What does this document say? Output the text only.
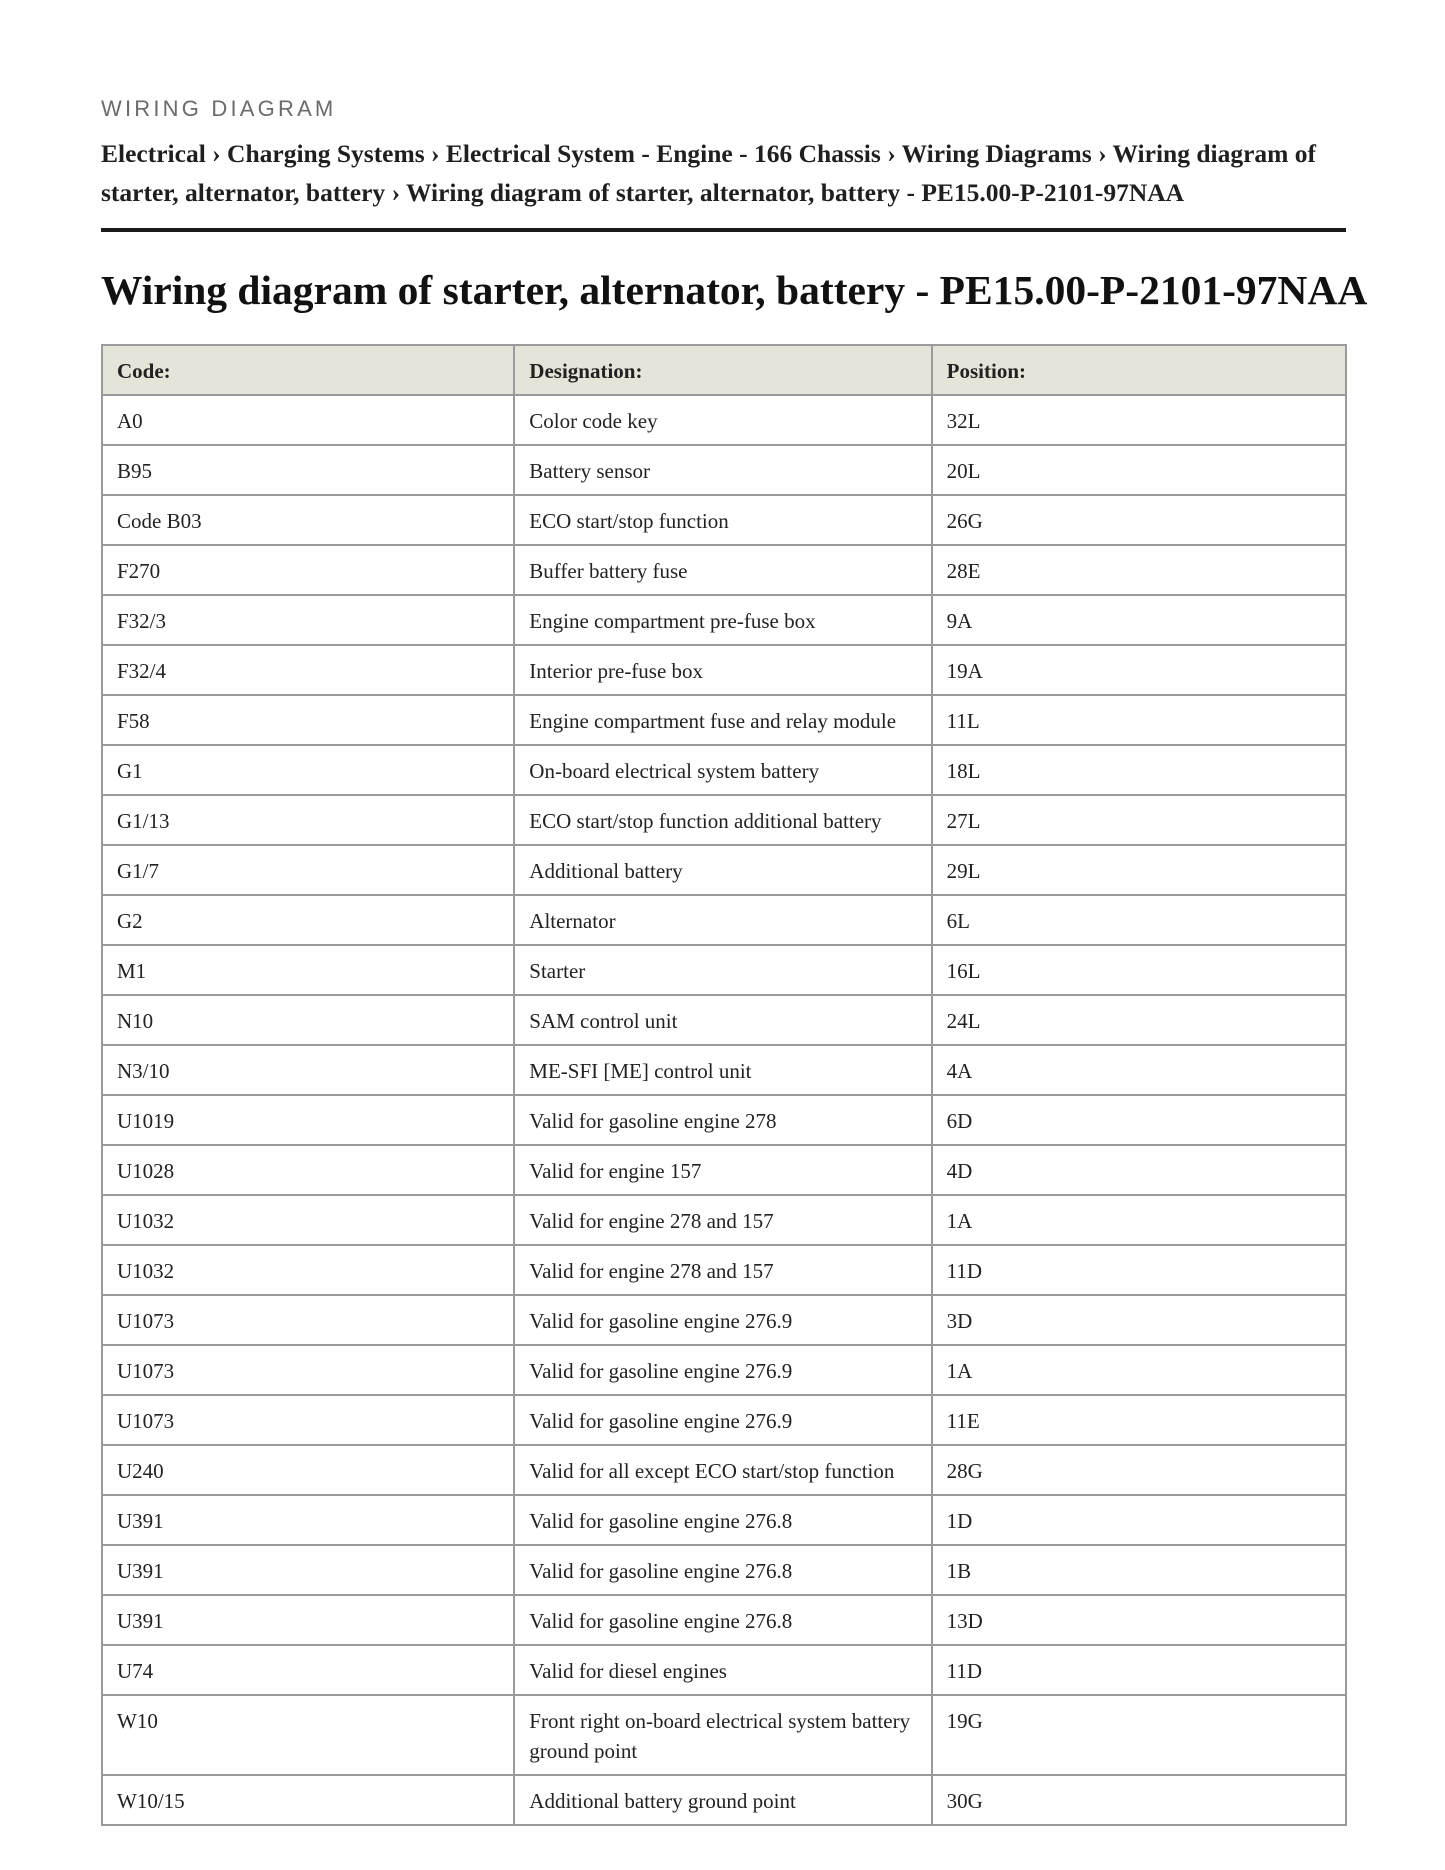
WIRING DIAGRAM
Electrical › Charging Systems › Electrical System - Engine - 166 Chassis › Wiring Diagrams › Wiring diagram of starter, alternator, battery › Wiring diagram of starter, alternator, battery - PE15.00-P-2101-97NAA
Wiring diagram of starter, alternator, battery - PE15.00-P-2101-97NAA
Code:	Designation:	Position:
A0	Color code key	32L
B95	Battery sensor	20L
Code B03	ECO start/stop function	26G
F270	Buffer battery fuse	28E
F32/3	Engine compartment pre-fuse box	9A
F32/4	Interior pre-fuse box	19A
F58	Engine compartment fuse and relay module	11L
G1	On-board electrical system battery	18L
G1/13	ECO start/stop function additional battery	27L
G1/7	Additional battery	29L
G2	Alternator	6L
M1	Starter	16L
N10	SAM control unit	24L
N3/10	ME-SFI [ME] control unit	4A
U1019	Valid for gasoline engine 278	6D
U1028	Valid for engine 157	4D
U1032	Valid for engine 278 and 157	1A
U1032	Valid for engine 278 and 157	11D
U1073	Valid for gasoline engine 276.9	3D
U1073	Valid for gasoline engine 276.9	1A
U1073	Valid for gasoline engine 276.9	11E
U240	Valid for all except ECO start/stop function	28G
U391	Valid for gasoline engine 276.8	1D
U391	Valid for gasoline engine 276.8	1B
U391	Valid for gasoline engine 276.8	13D
U74	Valid for diesel engines	11D
W10	Front right on-board electrical system battery ground point	19G
W10/15	Additional battery ground point	30G
